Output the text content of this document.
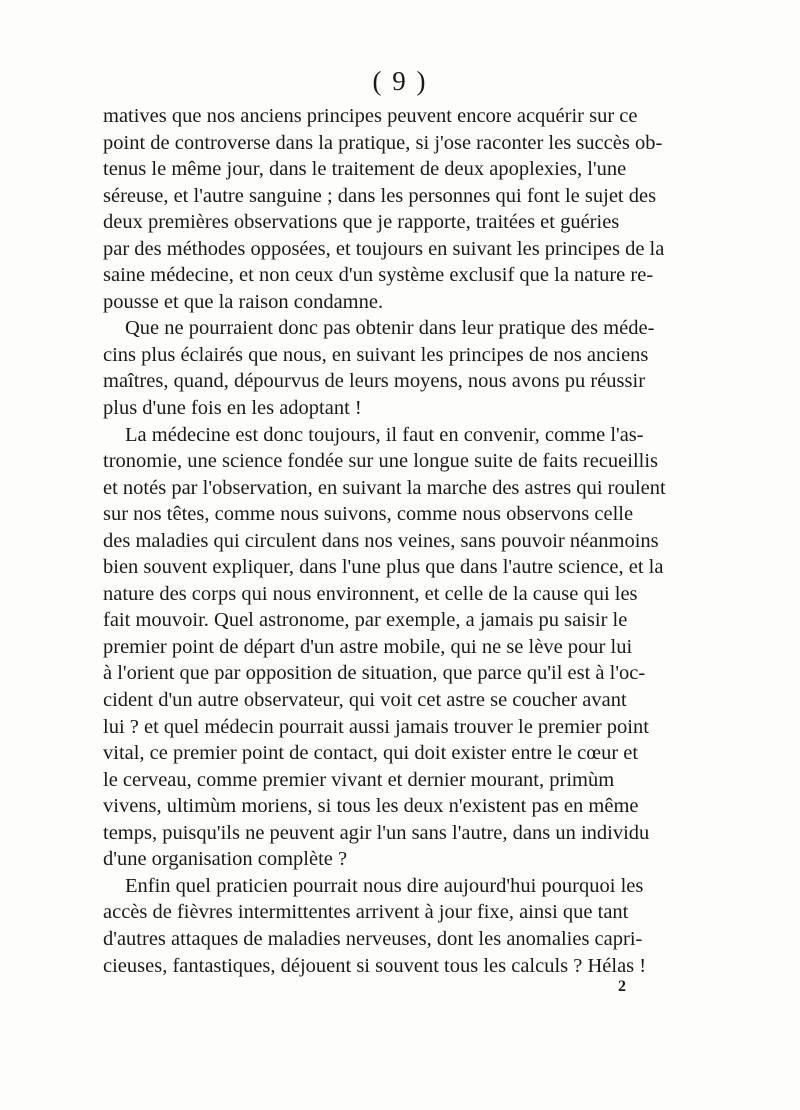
( 9 )
matives que nos anciens principes peuvent encore acquérir sur ce
point de controverse dans la pratique, si j'ose raconter les succès ob-
tenus le même jour, dans le traitement de deux apoplexies, l'une
séreuse, et l'autre sanguine ; dans les personnes qui font le sujet des
deux premières observations que je rapporte, traitées et guéries
par des méthodes opposées, et toujours en suivant les principes de la
saine médecine, et non ceux d'un système exclusif que la nature re-
pousse et que la raison condamne.
Que ne pourraient donc pas obtenir dans leur pratique des méde-
cins plus éclairés que nous, en suivant les principes de nos anciens
maîtres, quand, dépourvus de leurs moyens, nous avons pu réussir
plus d'une fois en les adoptant !
La médecine est donc toujours, il faut en convenir, comme l'as-
tronomie, une science fondée sur une longue suite de faits recueillis
et notés par l'observation, en suivant la marche des astres qui roulent
sur nos têtes, comme nous suivons, comme nous observons celle
des maladies qui circulent dans nos veines, sans pouvoir néanmoins
bien souvent expliquer, dans l'une plus que dans l'autre science, et la
nature des corps qui nous environnent, et celle de la cause qui les
fait mouvoir. Quel astronome, par exemple, a jamais pu saisir le
premier point de départ d'un astre mobile, qui ne se lève pour lui
à l'orient que par opposition de situation, que parce qu'il est à l'oc-
cident d'un autre observateur, qui voit cet astre se coucher avant
lui ? et quel médecin pourrait aussi jamais trouver le premier point
vital, ce premier point de contact, qui doit exister entre le cœur et
le cerveau, comme premier vivant et dernier mourant, primùm
vivens, ultimùm moriens, si tous les deux n'existent pas en même
temps, puisqu'ils ne peuvent agir l'un sans l'autre, dans un individu
d'une organisation complète ?
Enfin quel praticien pourrait nous dire aujourd'hui pourquoi les
accès de fièvres intermittentes arrivent à jour fixe, ainsi que tant
d'autres attaques de maladies nerveuses, dont les anomalies capri-
cieuses, fantastiques, déjouent si souvent tous les calculs ? Hélas !
2
